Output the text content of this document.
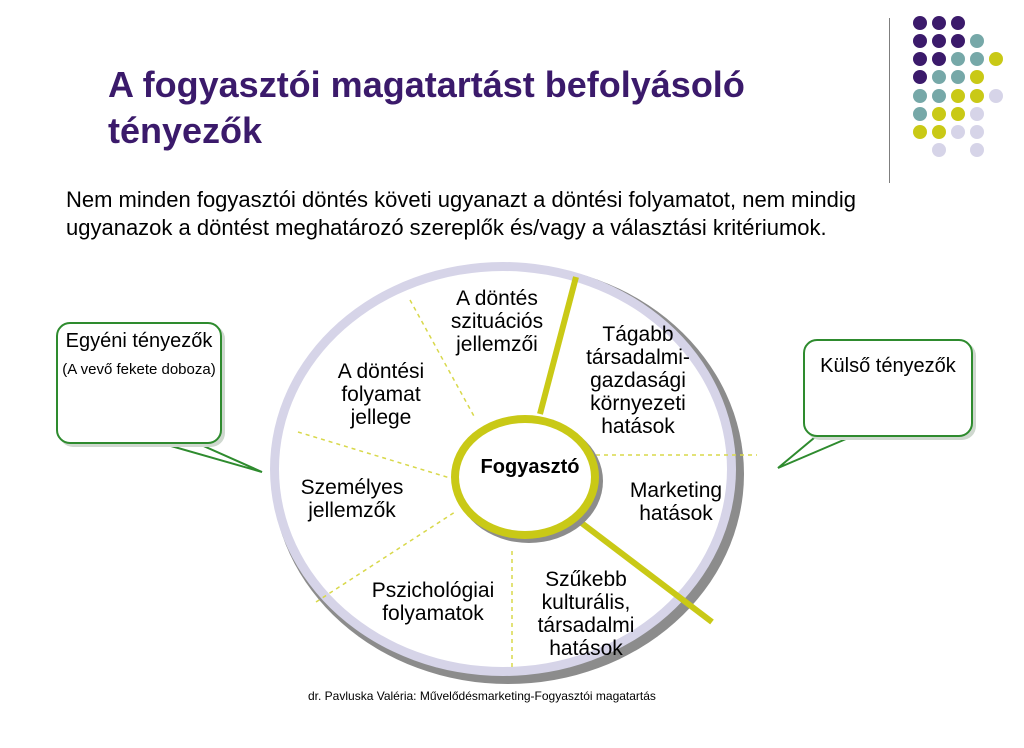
A fogyasztói magatartást befolyásoló tényezők
Nem minden fogyasztói döntés követi ugyanazt a döntési folyamatot, nem mindig ugyanazok a döntést meghatározó szereplők és/vagy a választási kritériumok.
Egyéni tényezők
(A vevő fekete doboza)	Külső tényezők
A döntés szituációs jellemzői
A döntési folyamat jellege
Személyes jellemzők
Pszichológiai folyamatok
Tágabb társadalmi-gazdasági környezeti hatások
Marketing hatások
Szűkebb kulturális, társadalmi hatások
Fogyasztó
dr. Pavluska Valéria: Művelődésmarketing-Fogyasztói magatartás
